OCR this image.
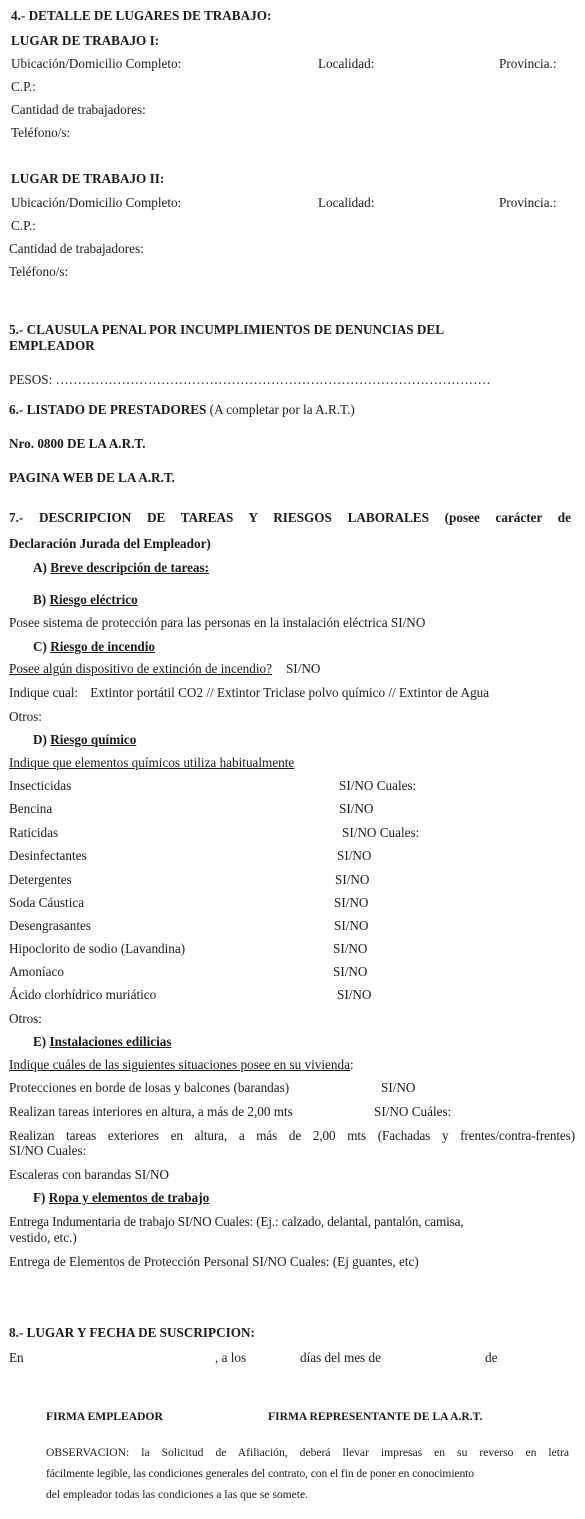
4.- DETALLE DE LUGARES DE TRABAJO:
LUGAR DE TRABAJO I:
Ubicación/Domicilio Completo:	Localidad:	Provincia.:
C.P.:
Cantidad de trabajadores:
Teléfono/s:
LUGAR DE TRABAJO II:
Ubicación/Domicilio Completo:	Localidad:	Provincia.:
C.P.:
Cantidad de trabajadores:
Teléfono/s:
5.- CLAUSULA PENAL POR INCUMPLIMIENTOS DE DENUNCIAS DEL
EMPLEADOR
PESOS: ………………………………………………………………………………………
6.- LISTADO DE PRESTADORES (A completar por la A.R.T.)
Nro. 0800 DE LA A.R.T.
PAGINA WEB DE LA A.R.T.
7.- DESCRIPCION DE TAREAS Y RIESGOS LABORALES (posee carácter de
Declaración Jurada del Empleador)
A) Breve descripción de tareas:
B) Riesgo eléctrico
Posee sistema de protección para las personas en la instalación eléctrica SI/NO
C) Riesgo de incendio
Posee algún dispositivo de extinción de incendio? SI/NO
Indique cual: Extintor portátil CO2 // Extintor Triclase polvo químico // Extintor de Agua
Otros:
D) Riesgo químico
Indique que elementos químicos utiliza habitualmente
Insecticidas	SI/NO Cuales:
Bencina	SI/NO
Raticidas	SI/NO Cuales:
Desinfectantes	SI/NO
Detergentes	SI/NO
Soda Cáustica	SI/NO
Desengrasantes	SI/NO
Hipoclorito de sodio (Lavandina)	SI/NO
Amoníaco	SI/NO
Ácido clorhídrico muriático	SI/NO
Otros:
E) Instalaciones edilicias
Indique cuáles de las siguientes situaciones posee en su vivienda:
Protecciones en borde de losas y balcones (barandas)	SI/NO
Realizan tareas interiores en altura, a más de 2,00 mts	SI/NO Cuáles:
Realizan tareas exteriores en altura, a más de 2,00 mts (Fachadas y frentes/contra-frentes)
SI/NO Cuales:
Escaleras con barandas SI/NO
F) Ropa y elementos de trabajo
Entrega Indumentaria de trabajo SI/NO Cuales: (Ej.: calzado, delantal, pantalón, camisa,
vestido, etc.)
Entrega de Elementos de Protección Personal SI/NO Cuales: (Ej guantes, etc)
8.- LUGAR Y FECHA DE SUSCRIPCION:
En	, a los	días del mes de	de
FIRMA EMPLEADOR	FIRMA REPRESENTANTE DE LA A.R.T.
OBSERVACION: la Solicitud de Afiliación, deberá llevar impresas en su reverso en letra
fácilmente legible, las condiciones generales del contrato, con el fin de poner en conocimiento
del empleador todas las condiciones a las que se somete.
